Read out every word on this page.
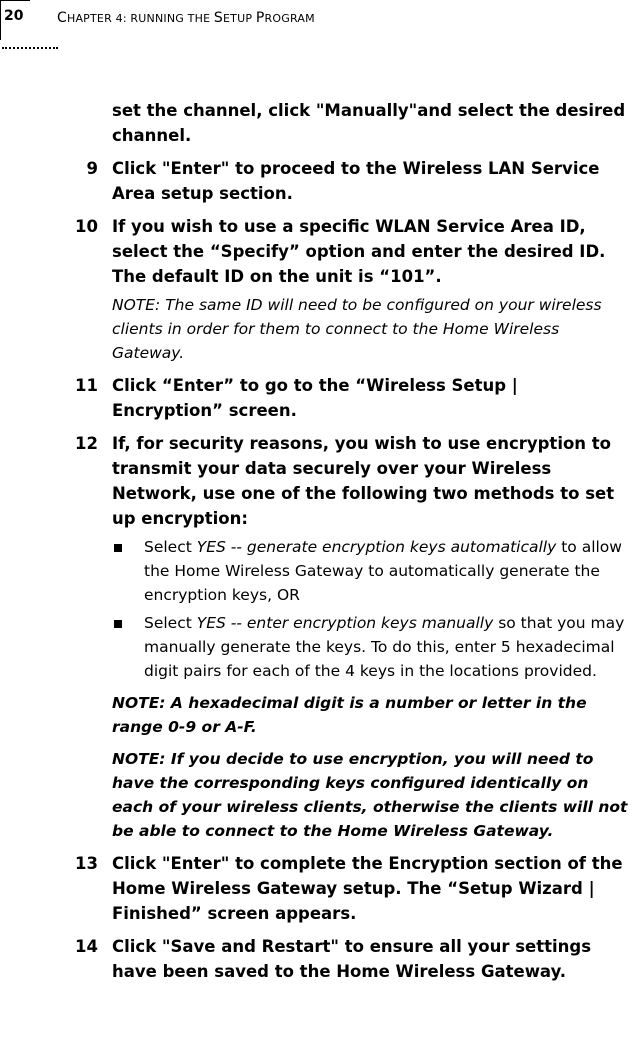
20	CHAPTER 4: RUNNING THE SETUP PROGRAM

set the channel, click "Manually"and select the desired channel.

9 Click "Enter" to proceed to the Wireless LAN Service Area setup section.

10 If you wish to use a specific WLAN Service Area ID, select the “Specify” option and enter the desired ID. The default ID on the unit is “101”.

NOTE: The same ID will need to be configured on your wireless clients in order for them to connect to the Home Wireless Gateway.

11 Click “Enter” to go to the “Wireless Setup | Encryption” screen.

12 If, for security reasons, you wish to use encryption to transmit your data securely over your Wireless Network, use one of the following two methods to set up encryption:

Select YES -- generate encryption keys automatically to allow the Home Wireless Gateway to automatically generate the encryption keys, OR
Select YES -- enter encryption keys manually so that you may manually generate the keys. To do this, enter 5 hexadecimal digit pairs for each of the 4 keys in the locations provided.
NOTE: A hexadecimal digit is a number or letter in the range 0-9 or A-F.
NOTE: If you decide to use encryption, you will need to have the corresponding keys configured identically on each of your wireless clients, otherwise the clients will not be able to connect to the Home Wireless Gateway.

13 Click "Enter" to complete the Encryption section of the Home Wireless Gateway setup. The “Setup Wizard | Finished” screen appears.

14 Click "Save and Restart" to ensure all your settings have been saved to the Home Wireless Gateway.
